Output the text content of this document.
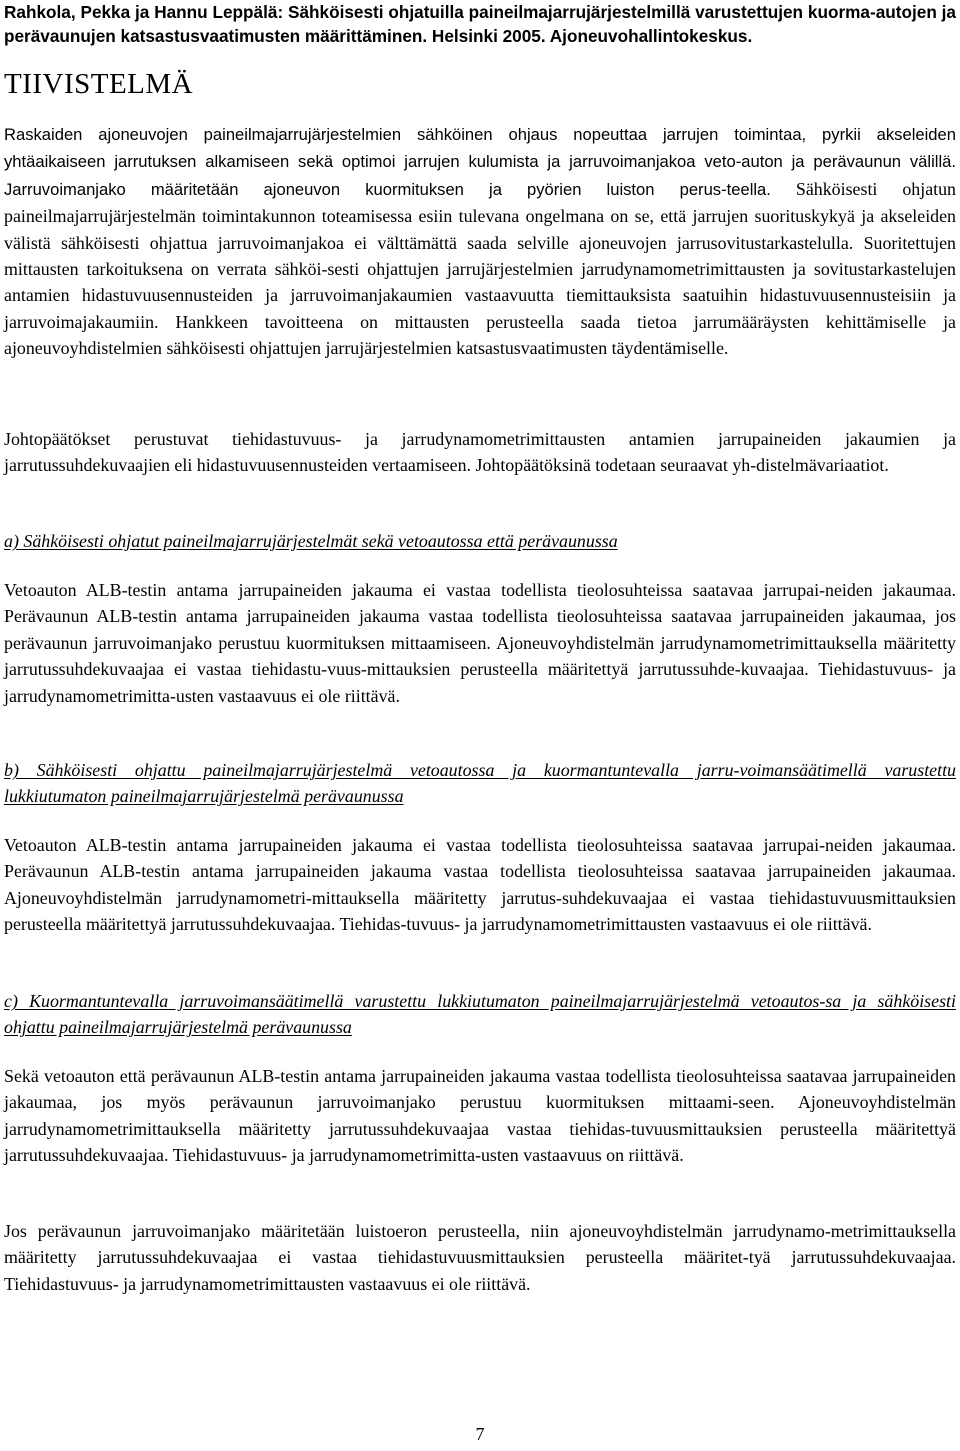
Rahkola, Pekka ja Hannu Leppälä: Sähköisesti ohjatuilla paineilmajarrujärjestelmillä varustettujen kuorma-autojen ja perävaunujen katsastusvaatimusten määrittäminen. Helsinki 2005. Ajoneuvohallintokeskus.
TIIVISTELMÄ

Raskaiden ajoneuvojen paineilmajarrujärjestelmien sähköinen ohjaus nopeuttaa jarrujen toimintaa, pyrkii akseleiden yhtäaikaiseen jarrutuksen alkamiseen sekä optimoi jarrujen kulumista ja jarruvoimanjakoa veto-auton ja perävaunun välillä. Jarruvoimanjako määritetään ajoneuvon kuormituksen ja pyörien luiston perus-teella. Sähköisesti ohjatun paineilmajarrujärjestelmän toimintakunnon toteamisessa esiin tulevana ongelmana on se, että jarrujen suorituskykyä ja akseleiden välistä sähköisesti ohjattua jarruvoimanjakoa ei välttämättä saada selville ajoneuvojen jarrusovitustarkastelulla. Suoritettujen mittausten tarkoituksena on verrata sähköi-sesti ohjattujen jarrujärjestelmien jarrudynamometrimittausten ja sovitustarkastelujen antamien hidastuvuusennusteiden ja jarruvoimanjakaumien vastaavuutta tiemittauksista saatuihin hidastuvuusennusteisiin ja jarruvoimajakaumiin. Hankkeen tavoitteena on mittausten perusteella saada tietoa jarrumääräysten kehittämiselle ja ajoneuvoyhdistelmien sähköisesti ohjattujen jarrujärjestelmien katsastusvaatimusten täydentämiselle.

Johtopäätökset perustuvat tiehidastuvuus- ja jarrudynamometrimittausten antamien jarrupaineiden jakaumien ja jarrutussuhdekuvaajien eli hidastuvuusennusteiden vertaamiseen. Johtopäätöksinä todetaan seuraavat yh-distelmävariaatiot.

a) Sähköisesti ohjatut paineilmajarrujärjestelmät sekä vetoautossa että perävaunussa

Vetoauton ALB-testin antama jarrupaineiden jakauma ei vastaa todellista tieolosuhteissa saatavaa jarrupai-neiden jakaumaa. Perävaunun ALB-testin antama jarrupaineiden jakauma vastaa todellista tieolosuhteissa saatavaa jarrupaineiden jakaumaa, jos perävaunun jarruvoimanjako perustuu kuormituksen mittaamiseen. Ajoneuvoyhdistelmän jarrudynamometrimittauksella määritetty jarrutussuhdekuvaajaa ei vastaa tiehidastu-vuus-mittauksien perusteella määritettyä jarrutussuhde-kuvaajaa. Tiehidastuvuus- ja jarrudynamometrimitta-usten vastaavuus ei ole riittävä.

b) Sähköisesti ohjattu paineilmajarrujärjestelmä vetoautossa ja kuormantuntevalla jarru-voimansäätimellä varustettu lukkiutumaton paineilmajarrujärjestelmä perävaunussa

Vetoauton ALB-testin antama jarrupaineiden jakauma ei vastaa todellista tieolosuhteissa saatavaa jarrupai-neiden jakaumaa. Perävaunun ALB-testin antama jarrupaineiden jakauma vastaa todellista tieolosuhteissa saatavaa jarrupaineiden jakaumaa. Ajoneuvoyhdistelmän jarrudynamometri-mittauksella määritetty jarrutus-suhdekuvaajaa ei vastaa tiehidastuvuusmittauksien perusteella määritettyä jarrutussuhdekuvaajaa. Tiehidas-tuvuus- ja jarrudynamometrimittausten vastaavuus ei ole riittävä.

c) Kuormantuntevalla jarruvoimansäätimellä varustettu lukkiutumaton paineilmajarrujärjestelmä vetoautos-sa ja sähköisesti ohjattu paineilmajarrujärjestelmä perävaunussa

Sekä vetoauton että perävaunun ALB-testin antama jarrupaineiden jakauma vastaa todellista tieolosuhteissa saatavaa jarrupaineiden jakaumaa, jos myös perävaunun jarruvoimanjako perustuu kuormituksen mittaami-seen. Ajoneuvoyhdistelmän jarrudynamometrimittauksella määritetty jarrutussuhdekuvaajaa vastaa tiehidas-tuvuusmittauksien perusteella määritettyä jarrutussuhdekuvaajaa. Tiehidastuvuus- ja jarrudynamometrimitta-usten vastaavuus on riittävä.

Jos perävaunun jarruvoimanjako määritetään luistoeron perusteella, niin ajoneuvoyhdistelmän jarrudynamo-metrimittauksella määritetty jarrutussuhdekuvaajaa ei vastaa tiehidastuvuusmittauksien perusteella määritet-tyä jarrutussuhdekuvaajaa. Tiehidastuvuus- ja jarrudynamometrimittausten vastaavuus ei ole riittävä.

7
